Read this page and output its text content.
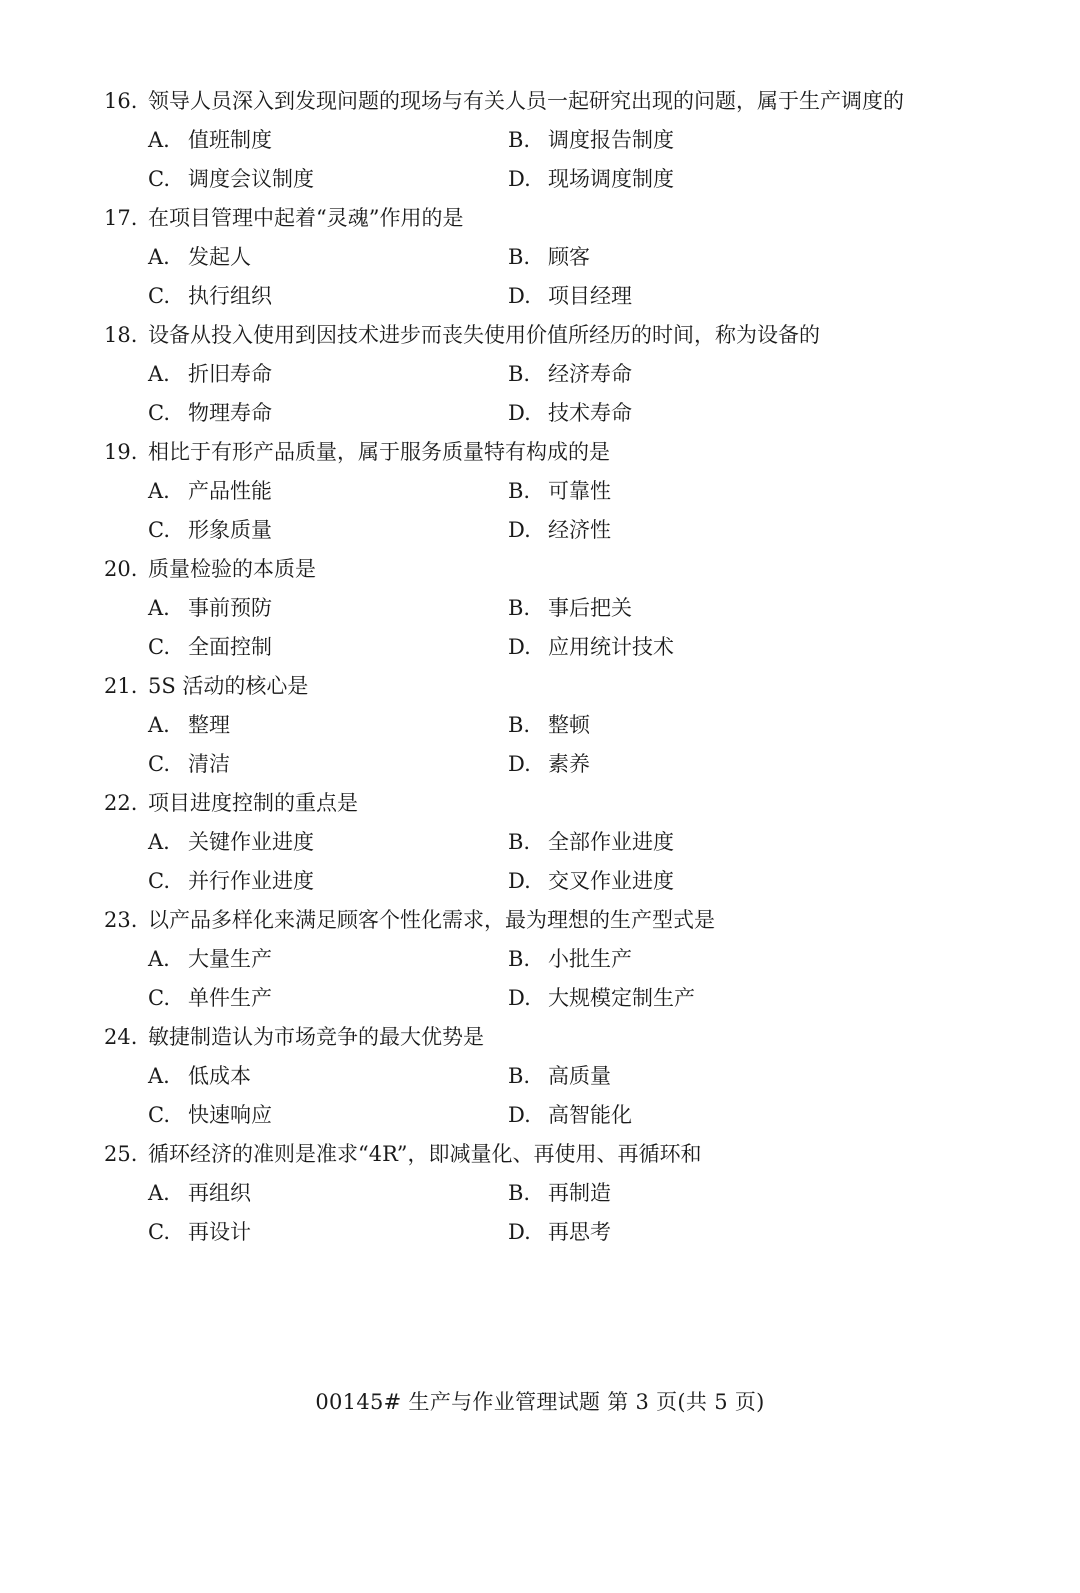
16. 领导人员深入到发现问题的现场与有关人员一起研究出现的问题，属于生产调度的
A. 值班制度	B. 调度报告制度
C. 调度会议制度	D. 现场调度制度
17. 在项目管理中起着“灵魂”作用的是
A. 发起人	B. 顾客
C. 执行组织	D. 项目经理
18. 设备从投入使用到因技术进步而丧失使用价值所经历的时间，称为设备的
A. 折旧寿命	B. 经济寿命
C. 物理寿命	D. 技术寿命
19. 相比于有形产品质量，属于服务质量特有构成的是
A. 产品性能	B. 可靠性
C. 形象质量	D. 经济性
20. 质量检验的本质是
A. 事前预防	B. 事后把关
C. 全面控制	D. 应用统计技术
21. 5S 活动的核心是
A. 整理	B. 整顿
C. 清洁	D. 素养
22. 项目进度控制的重点是
A. 关键作业进度	B. 全部作业进度
C. 并行作业进度	D. 交叉作业进度
23. 以产品多样化来满足顾客个性化需求，最为理想的生产型式是
A. 大量生产	B. 小批生产
C. 单件生产	D. 大规模定制生产
24. 敏捷制造认为市场竞争的最大优势是
A. 低成本	B. 高质量
C. 快速响应	D. 高智能化
25. 循环经济的准则是准求“4R”，即减量化、再使用、再循环和
A. 再组织	B. 再制造
C. 再设计	D. 再思考
00145# 生产与作业管理试题 第 3 页(共 5 页)
